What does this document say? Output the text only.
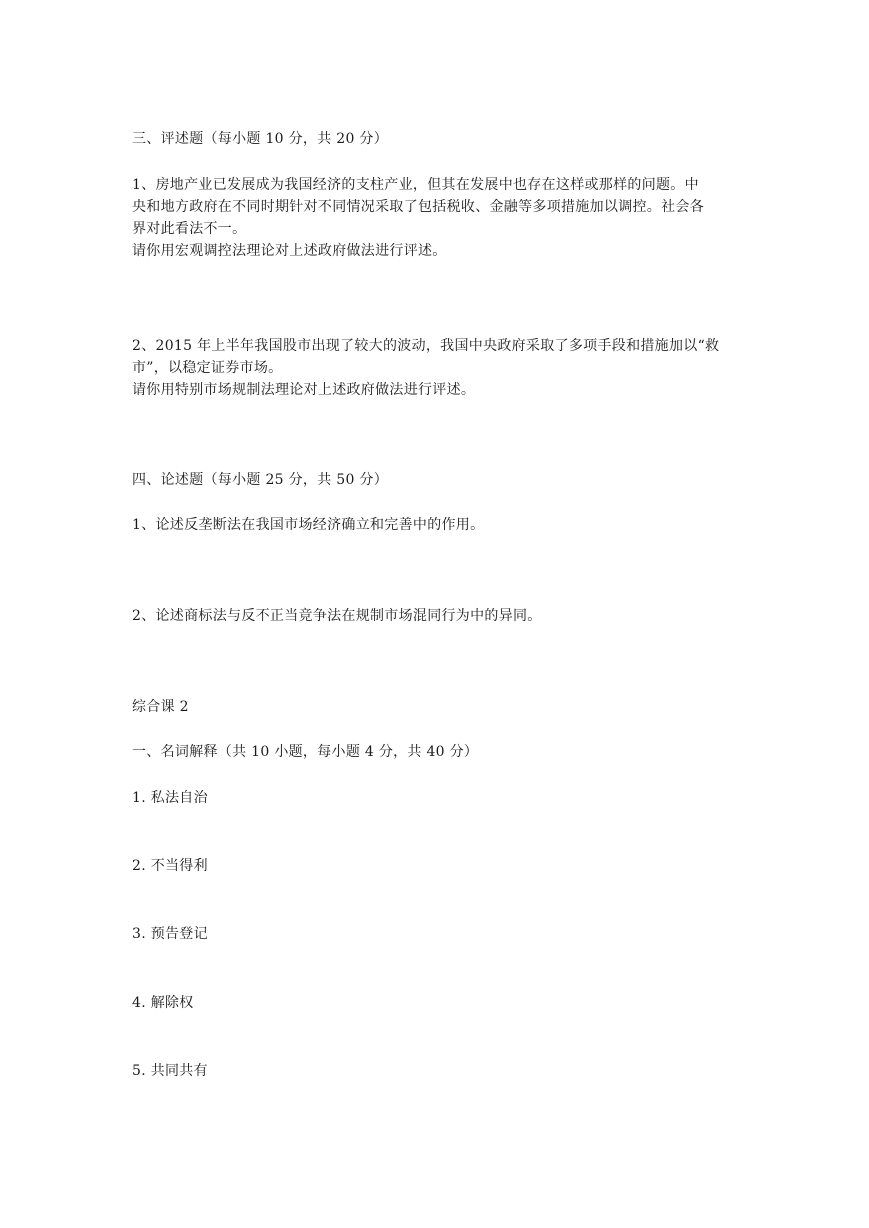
三、评述题（每小题 10 分，共 20 分）
1、房地产业已发展成为我国经济的支柱产业，但其在发展中也存在这样或那样的问题。中
央和地方政府在不同时期针对不同情况采取了包括税收、金融等多项措施加以调控。社会各
界对此看法不一。
请你用宏观调控法理论对上述政府做法进行评述。
2、2015 年上半年我国股市出现了较大的波动，我国中央政府采取了多项手段和措施加以“救
市”，以稳定证券市场。
请你用特别市场规制法理论对上述政府做法进行评述。
四、论述题（每小题 25 分，共 50 分）
1、论述反垄断法在我国市场经济确立和完善中的作用。
2、论述商标法与反不正当竞争法在规制市场混同行为中的异同。
综合课 2
一、名词解释（共 10 小题，每小题 4 分，共 40 分）
1. 私法自治
2. 不当得利
3. 预告登记
4. 解除权
5. 共同共有
